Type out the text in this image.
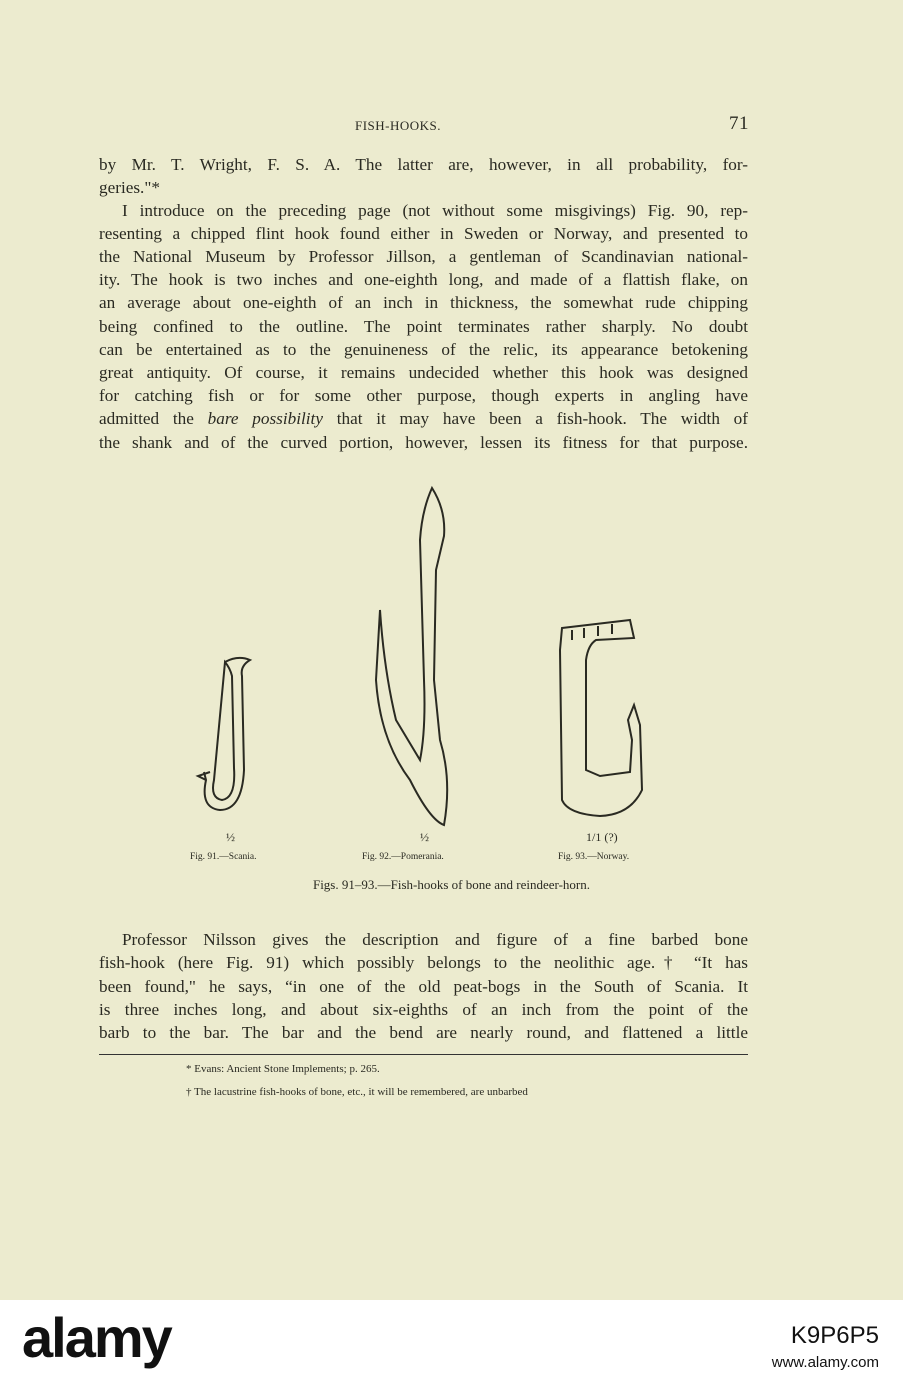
FISH-HOOKS.	71
by Mr. T. Wright, F. S. A. The latter are, however, in all probability, for-
geries."*
I introduce on the preceding page (not without some misgivings) Fig. 90, rep-
resenting a chipped flint hook found either in Sweden or Norway, and presented to
the National Museum by Professor Jillson, a gentleman of Scandinavian national-
ity. The hook is two inches and one-eighth long, and made of a flattish flake, on
an average about one-eighth of an inch in thickness, the somewhat rude chipping
being confined to the outline. The point terminates rather sharply. No doubt
can be entertained as to the genuineness of the relic, its appearance betokening
great antiquity. Of course, it remains undecided whether this hook was designed
for catching fish or for some other purpose, though experts in angling have
admitted the bare possibility that it may have been a fish-hook. The width of
the shank and of the curved portion, however, lessen its fitness for that purpose.
½	½	1/1 (?)
Fig. 91.—Scania.	Fig. 92.—Pomerania.	Fig. 93.—Norway.
Figs. 91–93.—Fish-hooks of bone and reindeer-horn.
Professor Nilsson gives the description and figure of a fine barbed bone
fish-hook (here Fig. 91) which possibly belongs to the neolithic age.† “It has
been found," he says, “in one of the old peat-bogs in the South of Scania. It
is three inches long, and about six-eighths of an inch from the point of the
barb to the bar. The bar and the bend are nearly round, and flattened a little
* Evans: Ancient Stone Implements; p. 265.
† The lacustrine fish-hooks of bone, etc., it will be remembered, are unbarbed
alamy	K9P6P5
www.alamy.com
